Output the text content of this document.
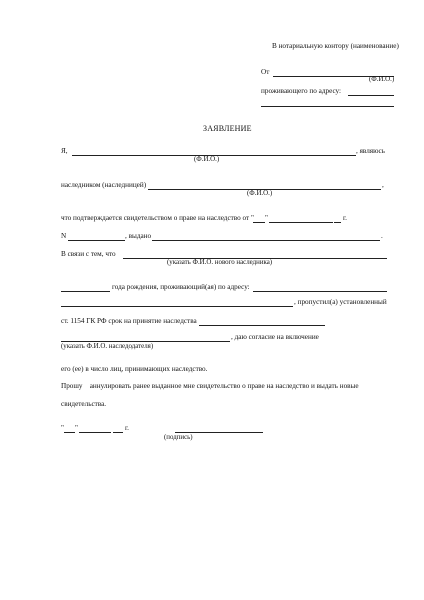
В нотариальную контору (наименование)
От
(Ф.И.О.)
проживающего по адресу:
ЗАЯВЛЕНИЕ
Я,	, являюсь
(Ф.И.О.)
наследником (наследницей)	,
(Ф.И.О.)
что подтверждается свидетельством о праве на наследство от " "	г.
N	, выдано	.
В связи с тем, что
(указать Ф.И.О. нового наследника)
года рождения, проживающий(ая) по адресу:
, пропустил(а) установленный
ст. 1154 ГК РФ срок на принятие наследства
, даю согласие на включение
(указать Ф.И.О. наследодателя)
его (ее) в число лиц, принимающих наследство.
Прошу    аннулировать ранее выданное мне свидетельство о праве на наследство и выдать новые
свидетельства.
" "	г.
(подпись)
